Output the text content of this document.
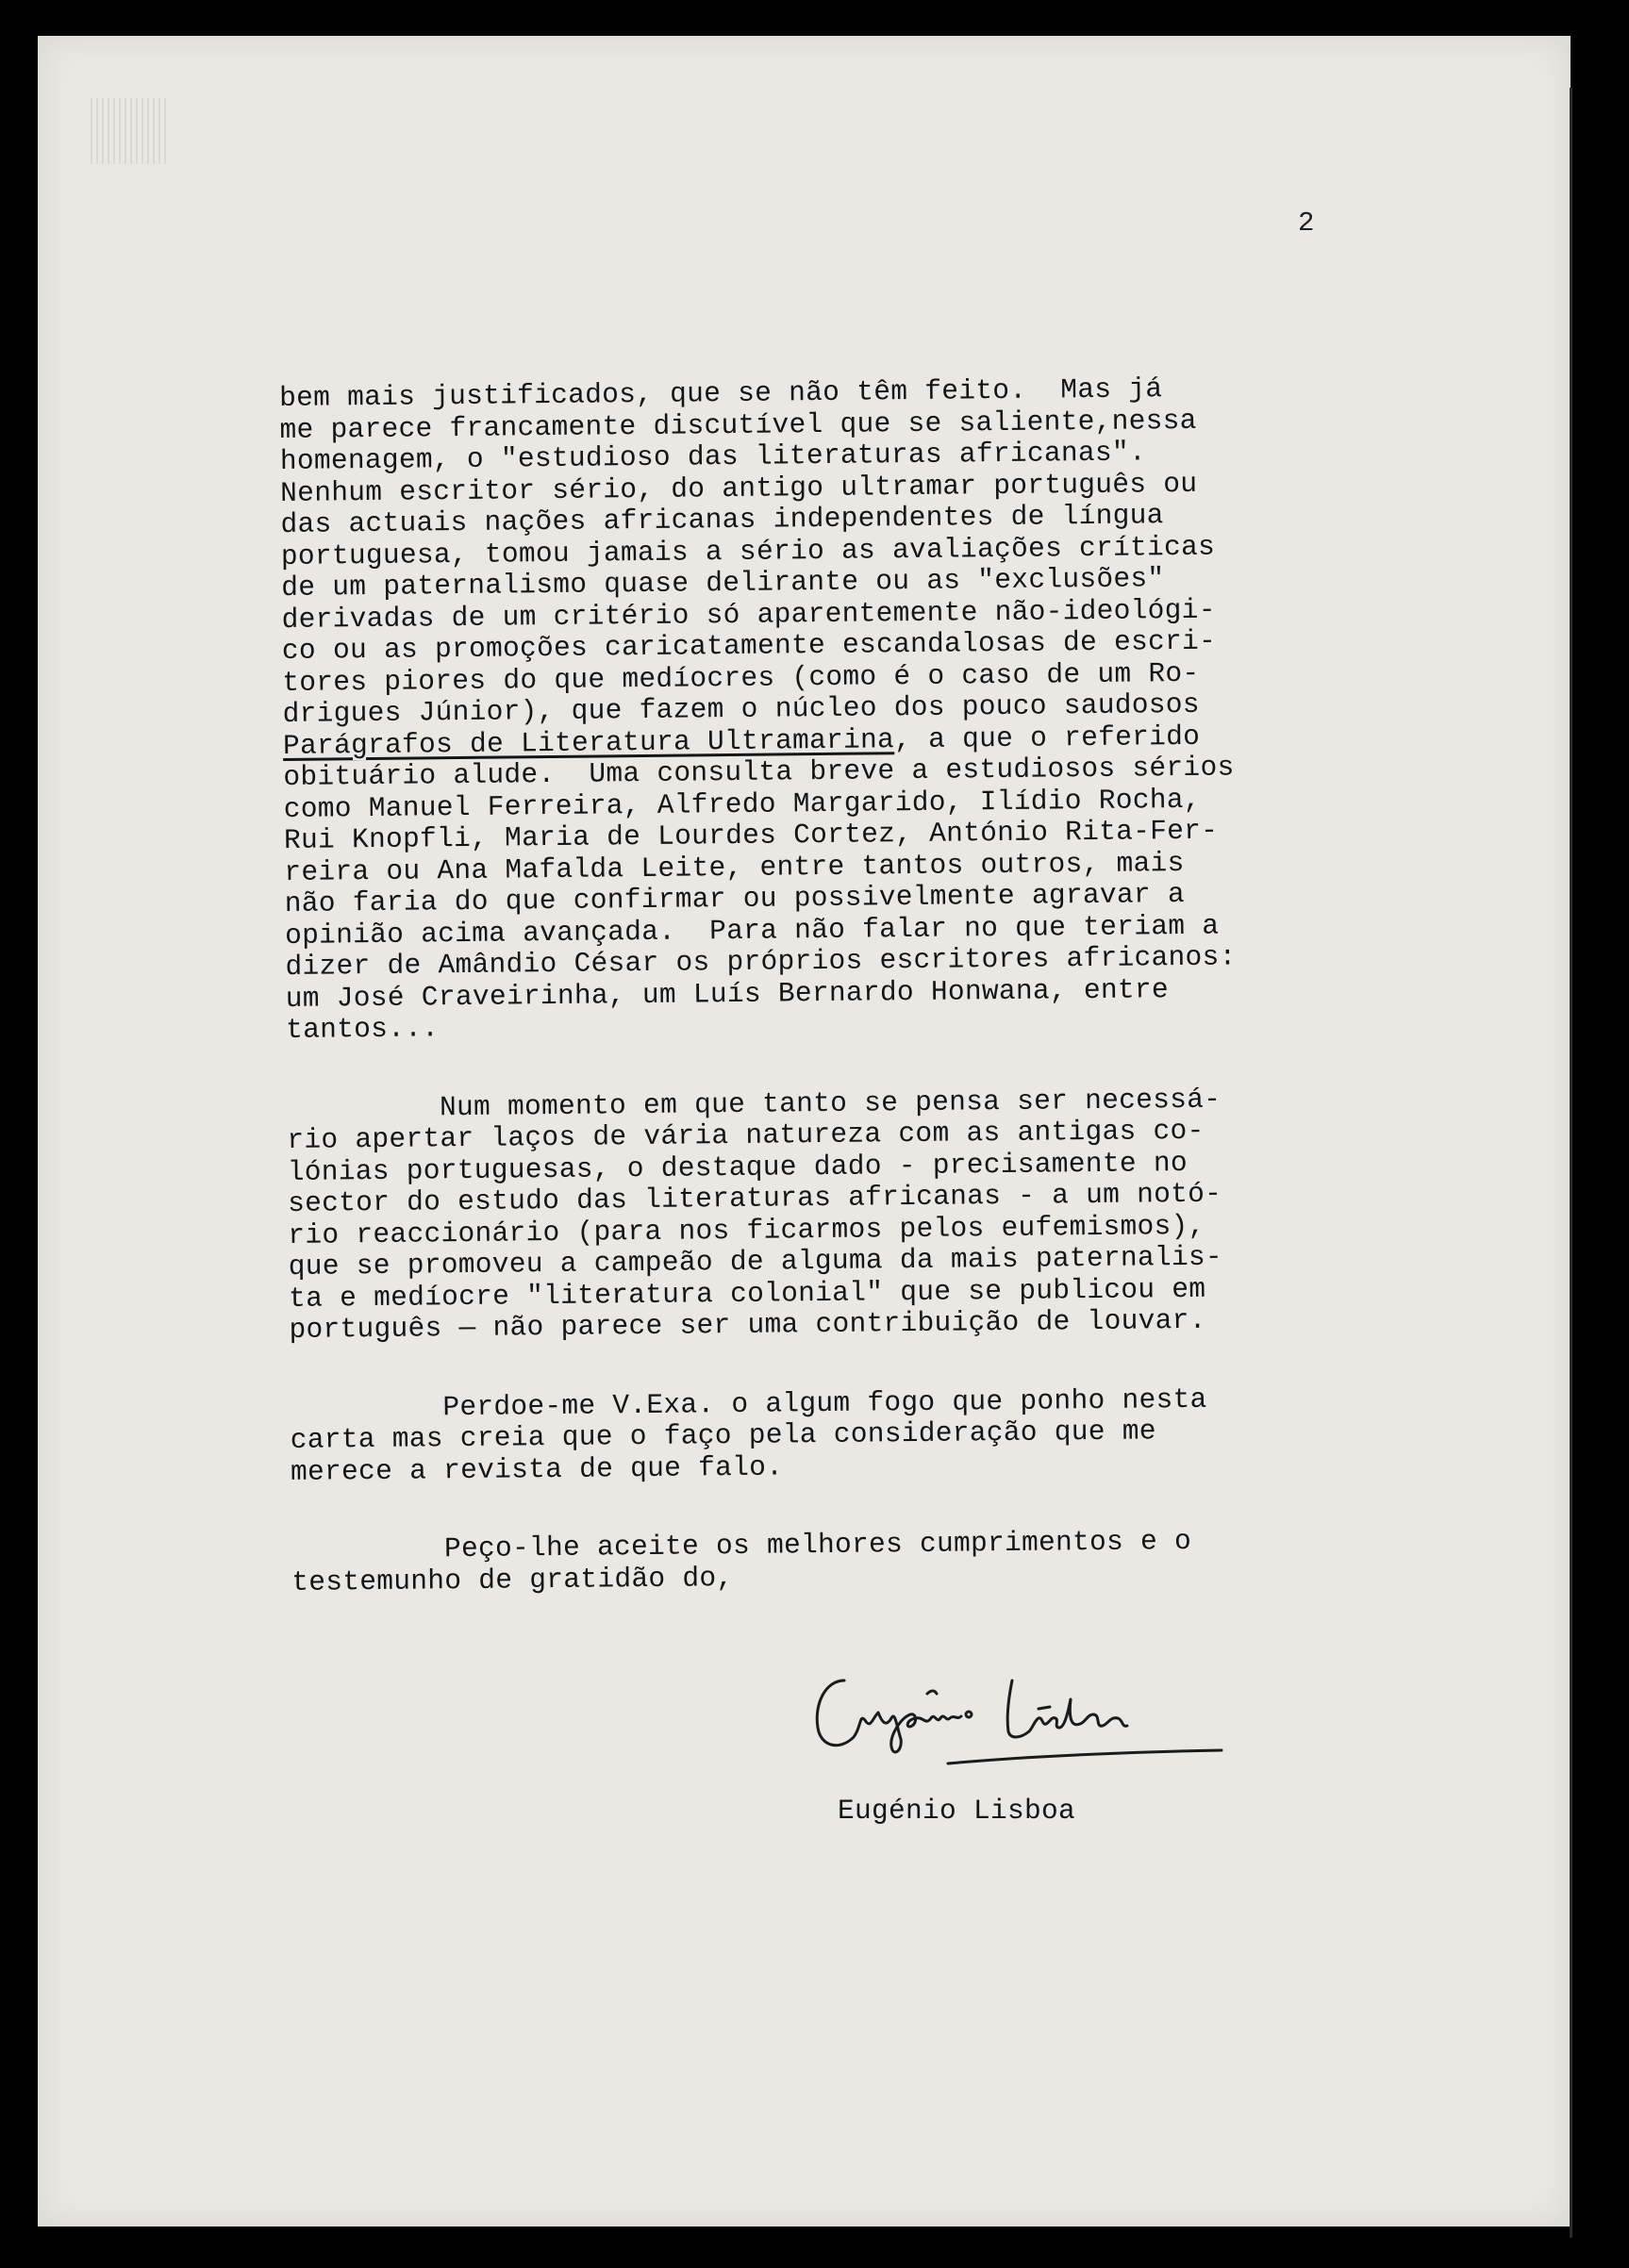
2
bem mais justificados, que se não têm feito.  Mas já
me parece francamente discutível que se saliente,nessa
homenagem, o "estudioso das literaturas africanas".
Nenhum escritor sério, do antigo ultramar português ou
das actuais nações africanas independentes de língua
portuguesa, tomou jamais a sério as avaliações críticas
de um paternalismo quase delirante ou as "exclusões"
derivadas de um critério só aparentemente não-ideológi-
co ou as promoções caricatamente escandalosas de escri-
tores piores do que medíocres (como é o caso de um Ro-
drigues Júnior), que fazem o núcleo dos pouco saudosos
Parágrafos de Literatura Ultramarina, a que o referido
obituário alude.  Uma consulta breve a estudiosos sérios
como Manuel Ferreira, Alfredo Margarido, Ilídio Rocha,
Rui Knopfli, Maria de Lourdes Cortez, António Rita-Fer-
reira ou Ana Mafalda Leite, entre tantos outros, mais
não faria do que confirmar ou possivelmente agravar a
opinião acima avançada.  Para não falar no que teriam a
dizer de Amândio César os próprios escritores africanos:
um José Craveirinha, um Luís Bernardo Honwana, entre
tantos...
Num momento em que tanto se pensa ser necessá-
rio apertar laços de vária natureza com as antigas co-
lónias portuguesas, o destaque dado - precisamente no
sector do estudo das literaturas africanas - a um notó-
rio reaccionário (para nos ficarmos pelos eufemismos),
que se promoveu a campeão de alguma da mais paternalis-
ta e medíocre "literatura colonial" que se publicou em
português — não parece ser uma contribuição de louvar.
Perdoe-me V.Exa. o algum fogo que ponho nesta
carta mas creia que o faço pela consideração que me
merece a revista de que falo.
Peço-lhe aceite os melhores cumprimentos e o
testemunho de gratidão do,
Eugénio Lisboa
